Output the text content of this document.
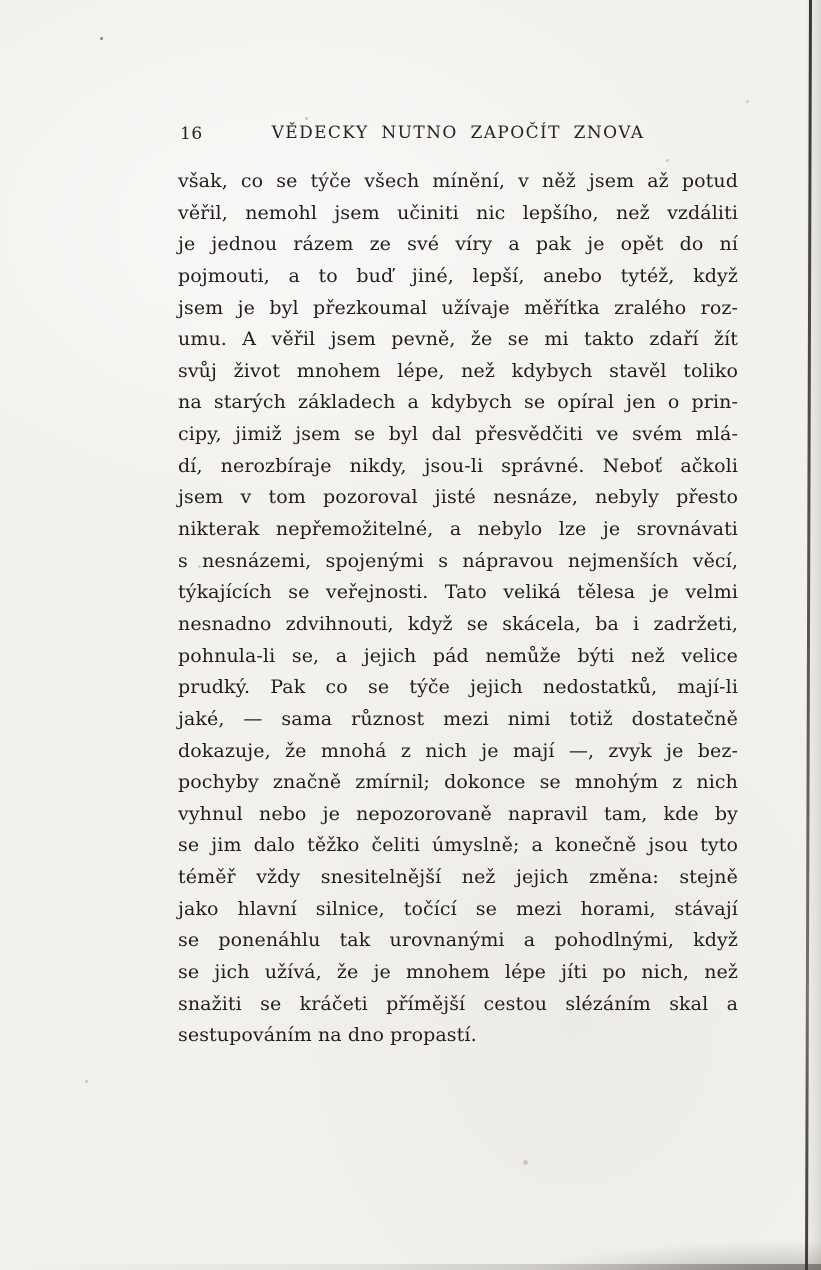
16	VĚDECKY NUTNO ZAPOČÍT ZNOVA
však, co se týče všech mínění, v něž jsem až potud
věřil, nemohl jsem učiniti nic lepšího, než vzdáliti
je jednou rázem ze své víry a pak je opět do ní
pojmouti, a to buď jiné, lepší, anebo tytéž, když
jsem je byl přezkoumal užívaje měřítka zralého roz-
umu. A věřil jsem pevně, že se mi takto zdaří žít
svůj život mnohem lépe, než kdybych stavěl toliko
na starých základech a kdybych se opíral jen o prin-
cipy, jimiž jsem se byl dal přesvědčiti ve svém mlá-
dí, nerozbíraje nikdy, jsou-li správné. Neboť ačkoli
jsem v tom pozoroval jisté nesnáze, nebyly přesto
nikterak nepřemožitelné, a nebylo lze je srovnávati
s nesnázemi, spojenými s nápravou nejmenších věcí,
týkajících se veřejnosti. Tato veliká tělesa je velmi
nesnadno zdvihnouti, když se skácela, ba i zadržeti,
pohnula-li se, a jejich pád nemůže býti než velice
prudký. Pak co se týče jejich nedostatků, mají-li
jaké, — sama různost mezi nimi totiž dostatečně
dokazuje, že mnohá z nich je mají —, zvyk je bez-
pochyby značně zmírnil; dokonce se mnohým z nich
vyhnul nebo je nepozorovaně napravil tam, kde by
se jim dalo těžko čeliti úmyslně; a konečně jsou tyto
téměř vždy snesitelnější než jejich změna: stejně
jako hlavní silnice, točící se mezi horami, stávají
se ponenáhlu tak urovnanými a pohodlnými, když
se jich užívá, že je mnohem lépe jíti po nich, než
snažiti se kráčeti přímější cestou slézáním skal a
sestupováním na dno propastí.
